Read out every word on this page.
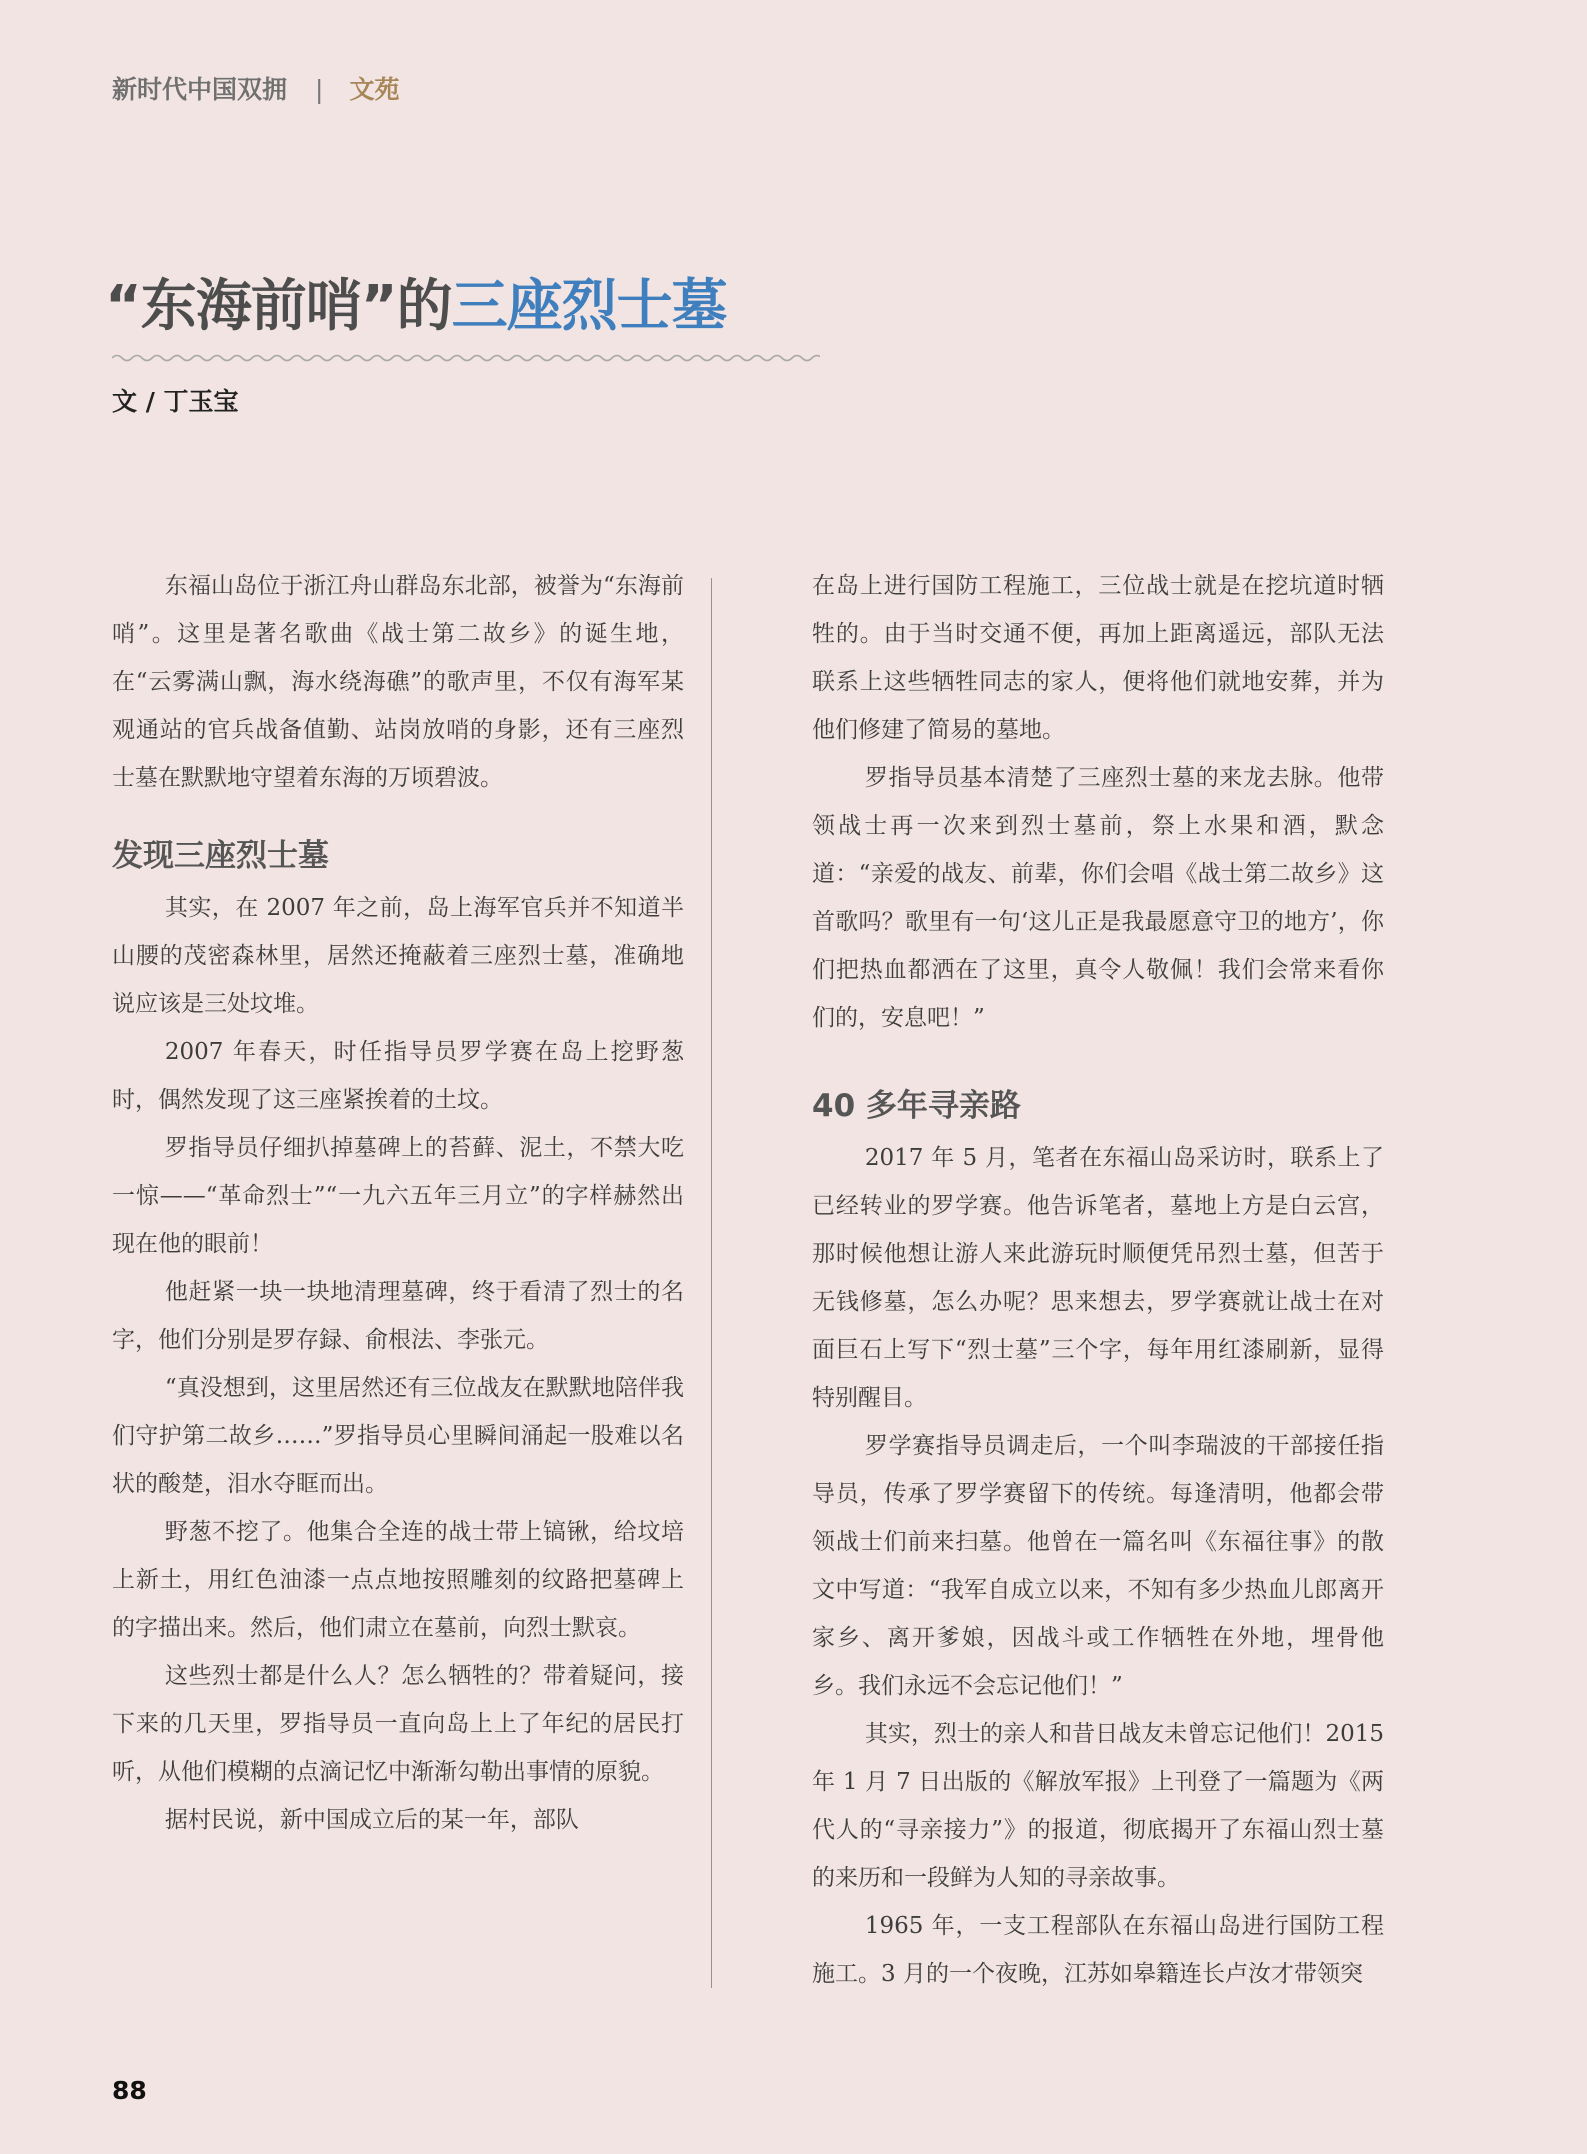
新时代中国双拥 | 文苑
“东海前哨”的三座烈士墓
文 / 丁玉宝

东福山岛位于浙江舟山群岛东北部，被誉为“东海前哨”。这里是著名歌曲《战士第二故乡》的诞生地，在“云雾满山飘，海水绕海礁”的歌声里，不仅有海军某观通站的官兵战备值勤、站岗放哨的身影，还有三座烈士墓在默默地守望着东海的万顷碧波。

发现三座烈士墓

其实，在 2007 年之前，岛上海军官兵并不知道半山腰的茂密森林里，居然还掩蔽着三座烈士墓，准确地说应该是三处坟堆。

2007 年春天，时任指导员罗学赛在岛上挖野葱时，偶然发现了这三座紧挨着的土坟。

罗指导员仔细扒掉墓碑上的苔藓、泥土，不禁大吃一惊——“革命烈士”“一九六五年三月立”的字样赫然出现在他的眼前！

他赶紧一块一块地清理墓碑，终于看清了烈士的名字，他们分别是罗存録、俞根法、李张元。

“真没想到，这里居然还有三位战友在默默地陪伴我们守护第二故乡……”罗指导员心里瞬间涌起一股难以名状的酸楚，泪水夺眶而出。

野葱不挖了。他集合全连的战士带上镐锹，给坟培上新土，用红色油漆一点点地按照雕刻的纹路把墓碑上的字描出来。然后，他们肃立在墓前，向烈士默哀。

这些烈士都是什么人？怎么牺牲的？带着疑问，接下来的几天里，罗指导员一直向岛上上了年纪的居民打听，从他们模糊的点滴记忆中渐渐勾勒出事情的原貌。

据村民说，新中国成立后的某一年，部队

在岛上进行国防工程施工，三位战士就是在挖坑道时牺牲的。由于当时交通不便，再加上距离遥远，部队无法联系上这些牺牲同志的家人，便将他们就地安葬，并为他们修建了简易的墓地。

罗指导员基本清楚了三座烈士墓的来龙去脉。他带领战士再一次来到烈士墓前，祭上水果和酒，默念道：“亲爱的战友、前辈，你们会唱《战士第二故乡》这首歌吗？歌里有一句‘这儿正是我最愿意守卫的地方’，你们把热血都洒在了这里，真令人敬佩！我们会常来看你们的，安息吧！”

40 多年寻亲路

2017 年 5 月，笔者在东福山岛采访时，联系上了已经转业的罗学赛。他告诉笔者，墓地上方是白云宫，那时候他想让游人来此游玩时顺便凭吊烈士墓，但苦于无钱修墓，怎么办呢？思来想去，罗学赛就让战士在对面巨石上写下“烈士墓”三个字，每年用红漆刷新，显得特别醒目。

罗学赛指导员调走后，一个叫李瑞波的干部接任指导员，传承了罗学赛留下的传统。每逢清明，他都会带领战士们前来扫墓。他曾在一篇名叫《东福往事》的散文中写道：“我军自成立以来，不知有多少热血儿郎离开家乡、离开爹娘，因战斗或工作牺牲在外地，埋骨他乡。我们永远不会忘记他们！”

其实，烈士的亲人和昔日战友未曾忘记他们！2015 年 1 月 7 日出版的《解放军报》上刊登了一篇题为《两代人的“寻亲接力”》的报道，彻底揭开了东福山烈士墓的来历和一段鲜为人知的寻亲故事。

1965 年，一支工程部队在东福山岛进行国防工程施工。3 月的一个夜晚，江苏如皋籍连长卢汝才带领突

88
